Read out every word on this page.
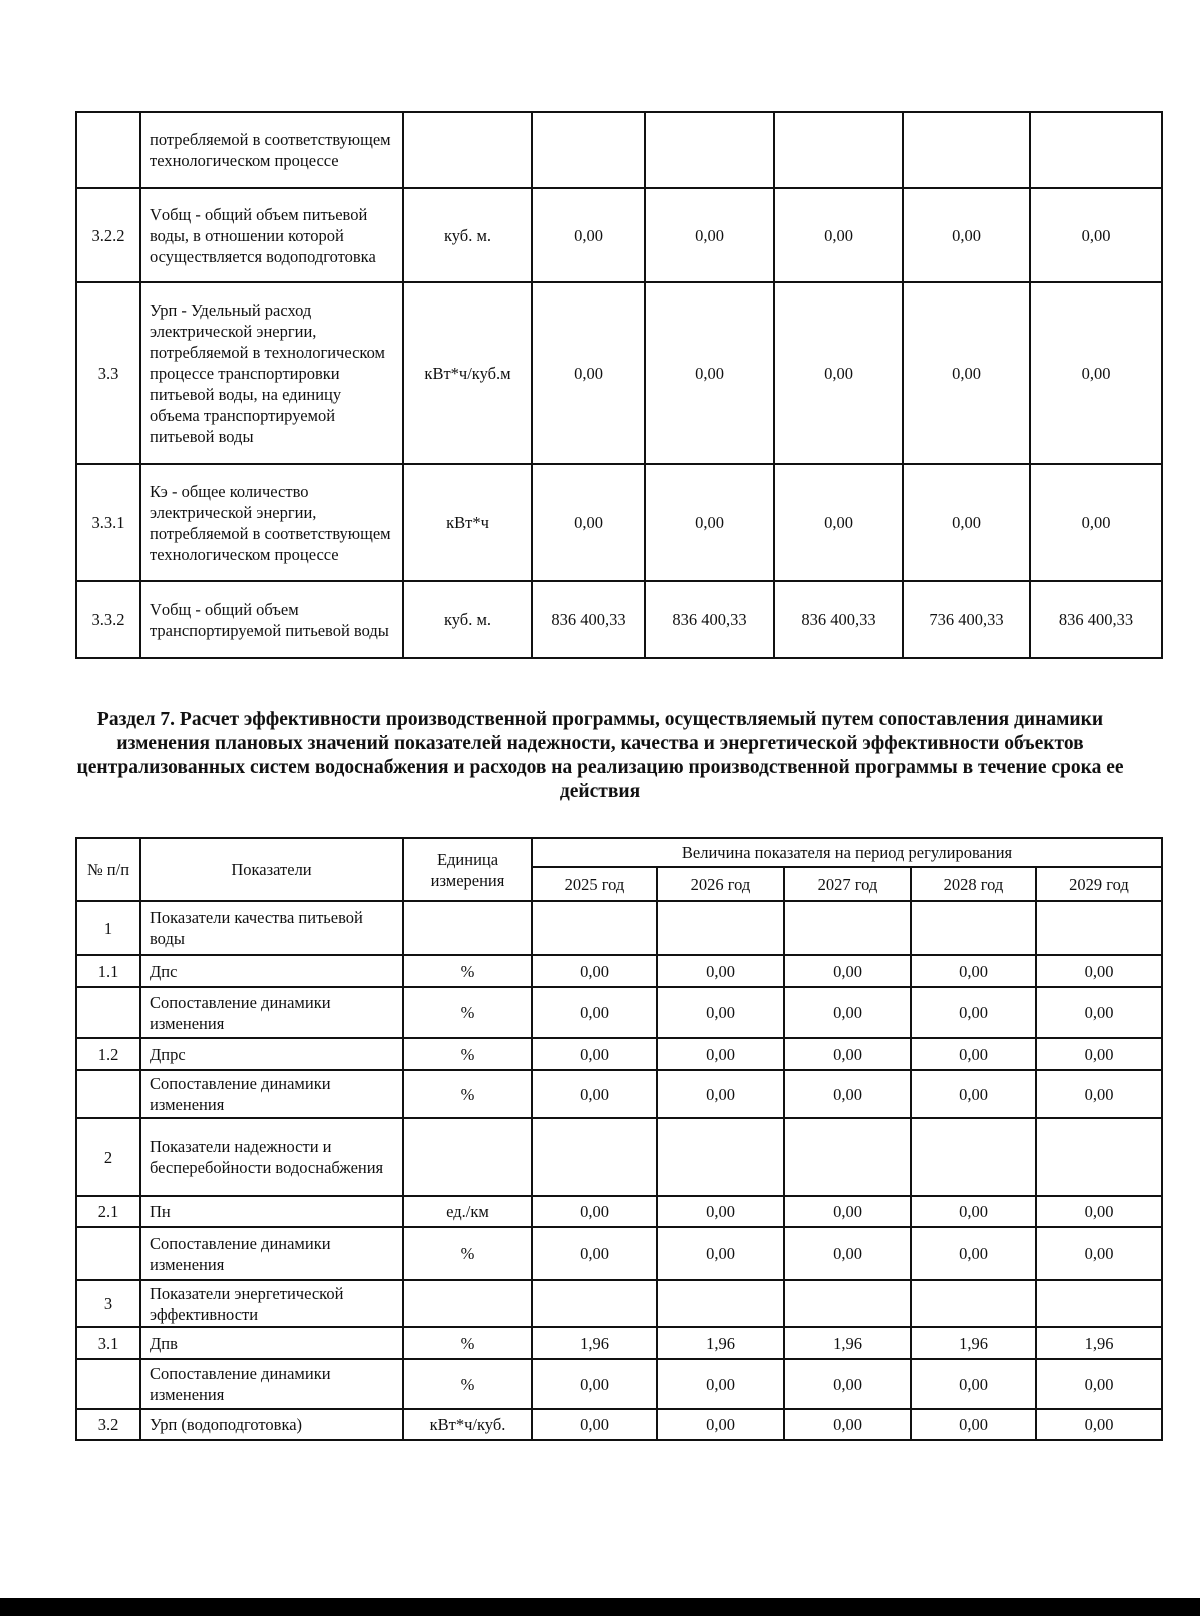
	потребляемой в соответствующем технологическом процессе						
3.2.2	Vобщ - общий объем питьевой воды, в отношении которой осуществляется водоподготовка	куб. м.	0,00	0,00	0,00	0,00	0,00
3.3	Урп - Удельный расход электрической энергии, потребляемой в технологическом процессе транспортировки питьевой воды, на единицу объема транспортируемой питьевой воды	кВт*ч/куб.м	0,00	0,00	0,00	0,00	0,00
3.3.1	Кэ - общее количество электрической энергии, потребляемой в соответствующем технологическом процессе	кВт*ч	0,00	0,00	0,00	0,00	0,00
3.3.2	Vобщ - общий объем транспортируемой питьевой воды	куб. м.	836 400,33	836 400,33	836 400,33	736 400,33	836 400,33
Раздел 7. Расчет эффективности производственной программы, осуществляемый путем сопоставления динамики изменения плановых значений показателей надежности, качества и энергетической эффективности объектов централизованных систем водоснабжения и расходов на реализацию производственной программы в течение срока ее действия
№ п/п	Показатели	Единица измерения	Величина показателя на период регулирования				
			2025 год	2026 год	2027 год	2028 год	2029 год
1	Показатели качества питьевой воды						
1.1	Дпс	%	0,00	0,00	0,00	0,00	0,00
	Сопоставление динамики изменения	%	0,00	0,00	0,00	0,00	0,00
1.2	Дпрс	%	0,00	0,00	0,00	0,00	0,00
	Сопоставление динамики изменения	%	0,00	0,00	0,00	0,00	0,00
2	Показатели надежности и бесперебойности водоснабжения						
2.1	Пн	ед./км	0,00	0,00	0,00	0,00	0,00
	Сопоставление динамики изменения	%	0,00	0,00	0,00	0,00	0,00
3	Показатели энергетической эффективности						
3.1	Дпв	%	1,96	1,96	1,96	1,96	1,96
	Сопоставление динамики изменения	%	0,00	0,00	0,00	0,00	0,00
3.2	Урп (водоподготовка)	кВт*ч/куб.	0,00	0,00	0,00	0,00	0,00
